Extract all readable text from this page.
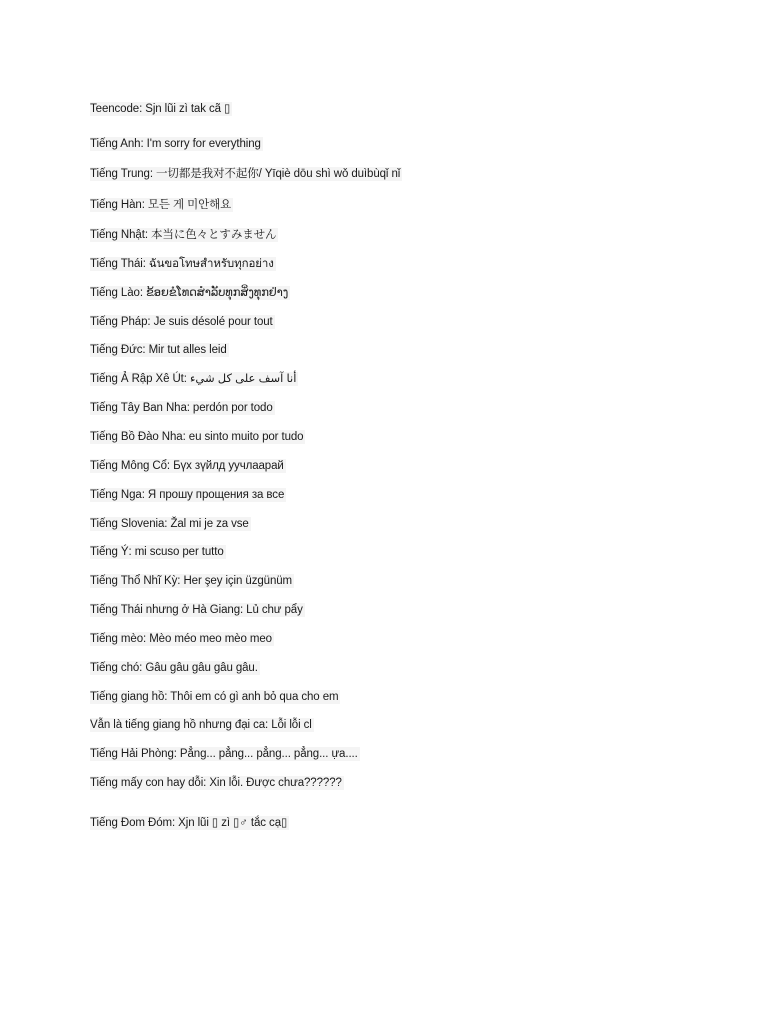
Teencode: Sjn lũi zì tak cã ▯
Tiếng Anh: I'm sorry for everything
Tiếng Trung: 一切都是我对不起你/ Yīqiè dōu shì wǒ duìbùqǐ nǐ
Tiếng Hàn: 모든 게 미안해요
Tiếng Nhật: 本当に色々とすみません
Tiếng Thái: ฉันขอโทษสำหรับทุกอย่าง
Tiếng Lào: ຂ້ອຍຂໍໂທດສໍາລັບທຸກສິ່ງທຸກຢ່າງ
Tiếng Pháp: Je suis désolé pour tout
Tiếng Đức: Mir tut alles leid
Tiếng Ả Rập Xê Út: أنا آسف على كل شيء
Tiếng Tây Ban Nha: perdón por todo
Tiếng Bồ Đào Nha: eu sinto muito por tudo
Tiếng Mông Cổ: Бүх зүйлд уучлаарай
Tiếng Nga: Я прошу прощения за все
Tiếng Slovenia: Žal mi je za vse
Tiếng Ý: mi scuso per tutto
Tiếng Thổ Nhĩ Kỳ: Her şey için üzgünüm
Tiếng Thái nhưng ở Hà Giang: Lủ chư pẩy
Tiếng mèo: Mèo méo meo mèo meo
Tiếng chó: Gâu gâu gâu gâu gâu.
Tiếng giang hồ: Thôi em có gì anh bỏ qua cho em
Vẫn là tiếng giang hồ nhưng đại ca: Lỗi lỗi cl
Tiếng Hải Phòng: Pẳng... pẳng... pẳng... pẳng... ựa....
Tiếng mấy con hay dỗi: Xin lỗi. Được chưa??????
Tiếng Đom Đóm: Xjn lũi ▯ zì ▯♂ tắc cạ▯
